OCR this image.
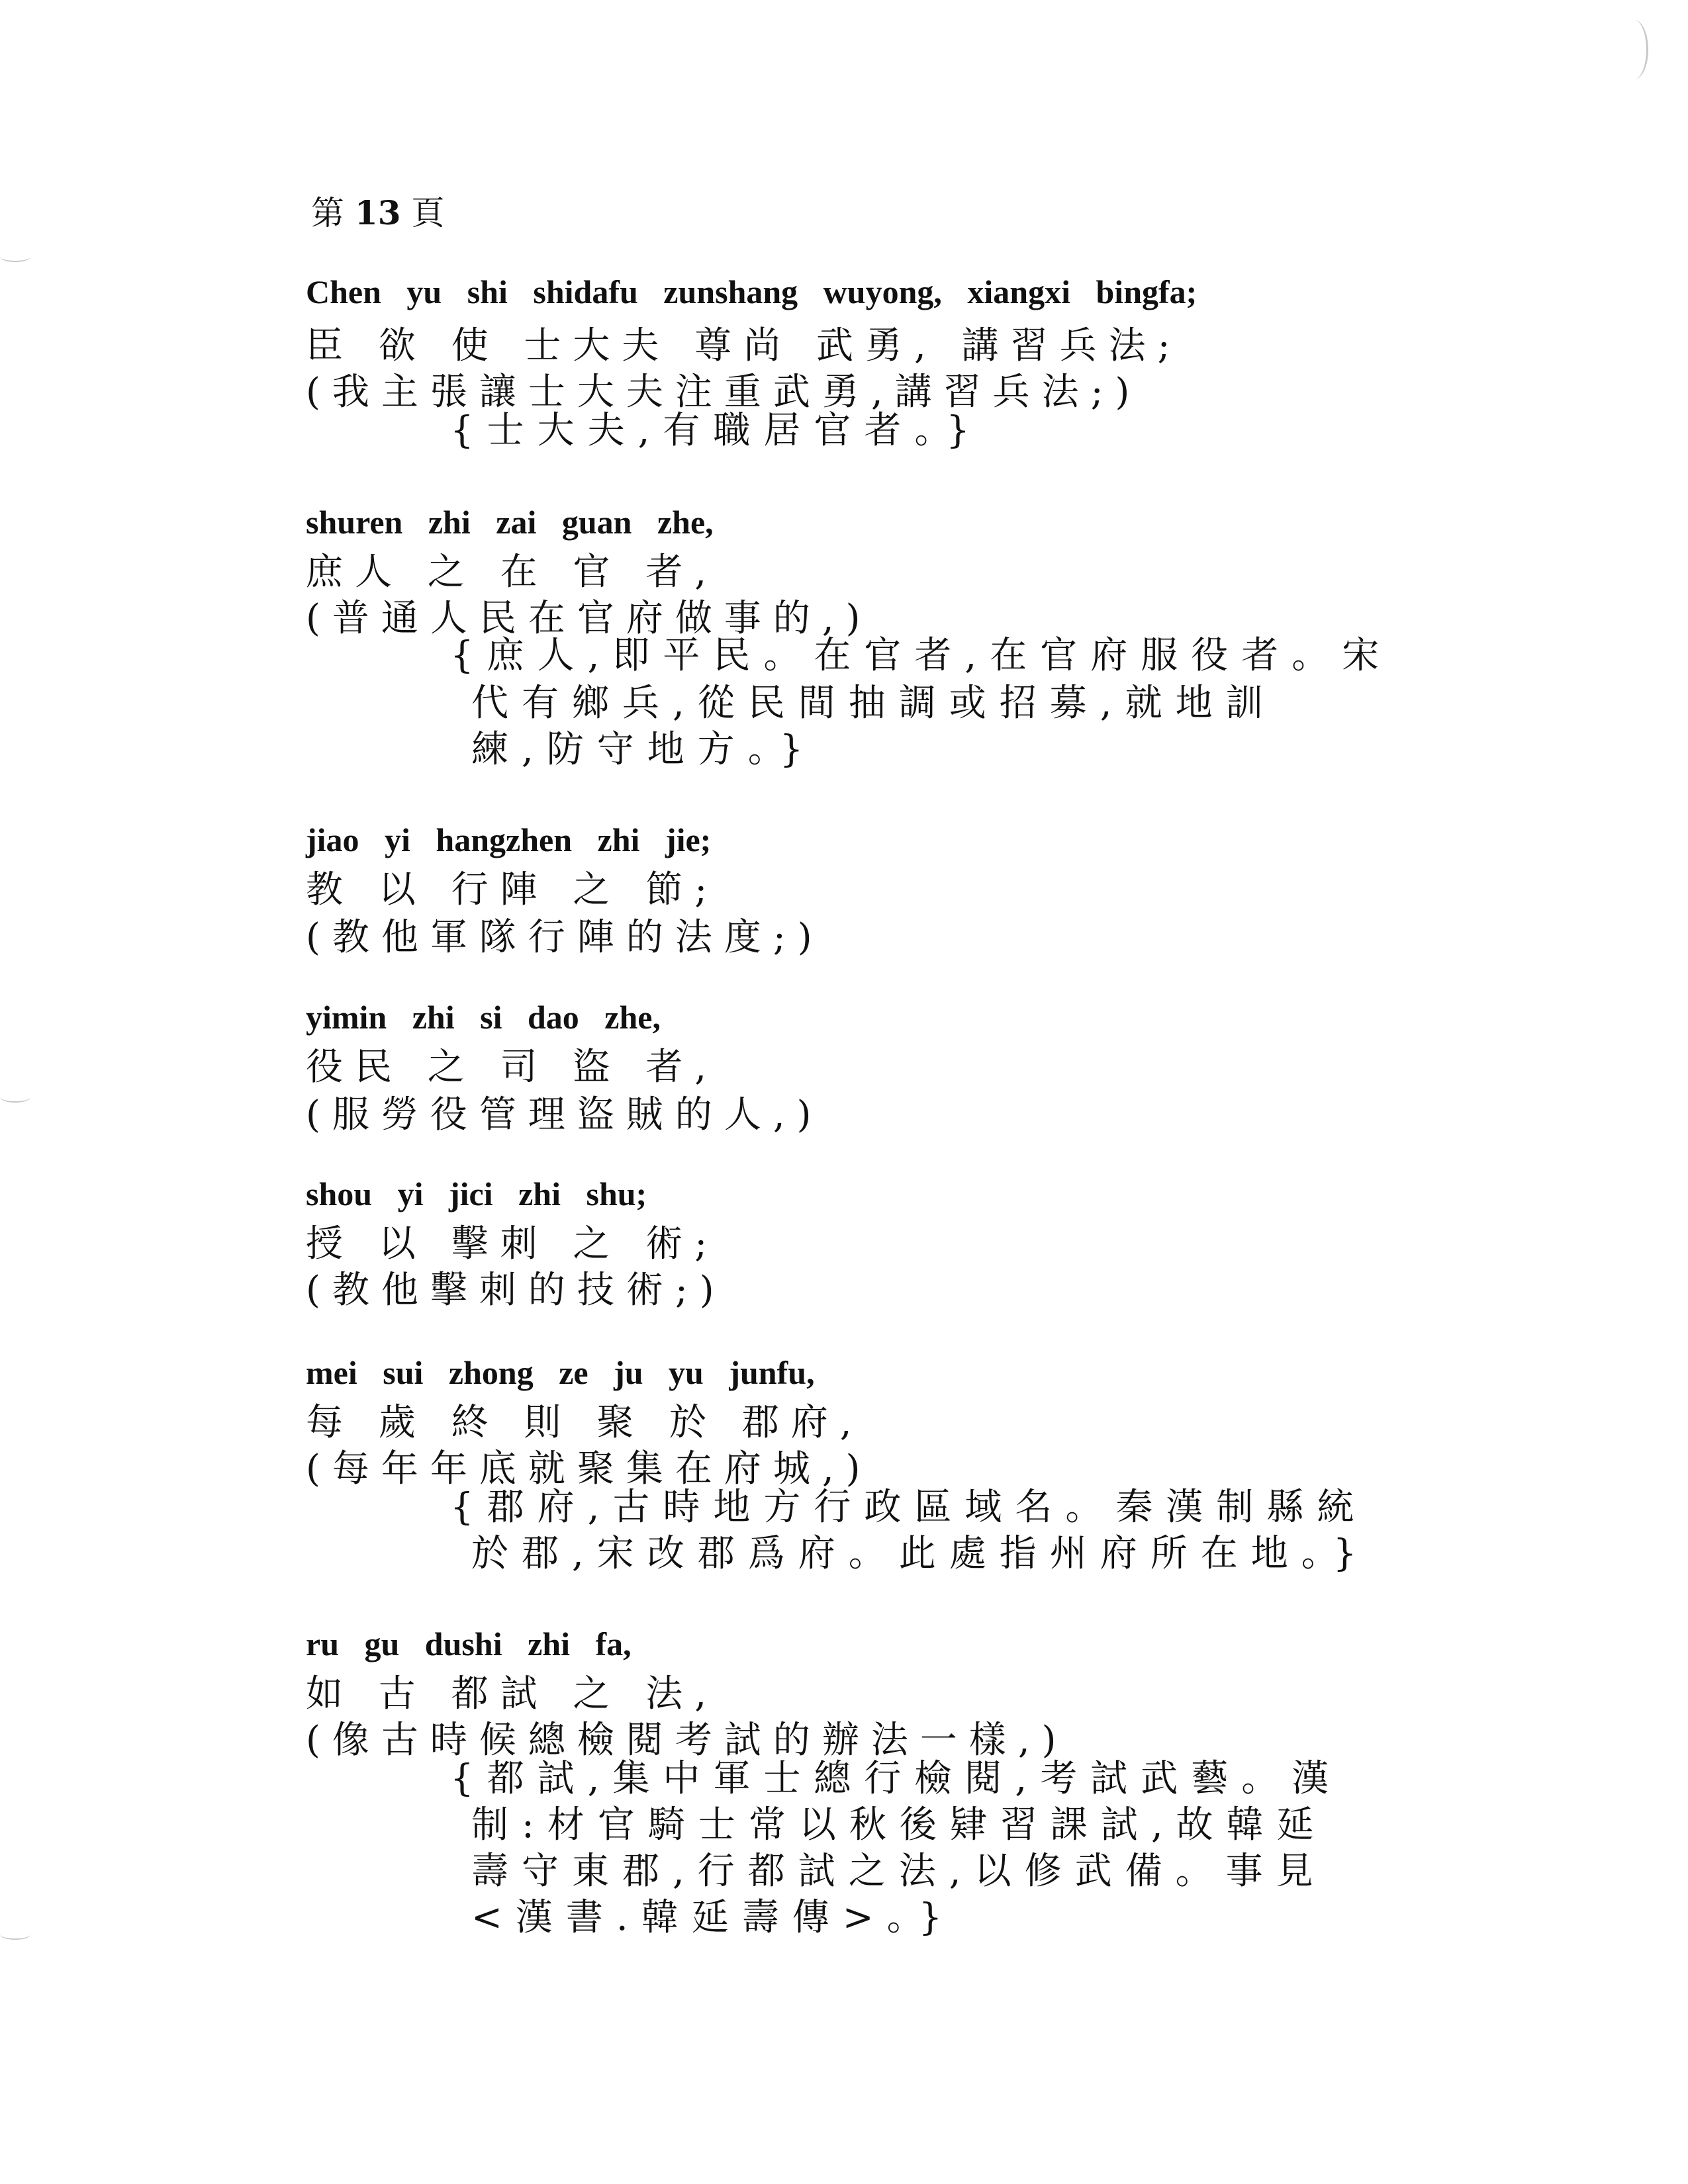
第 13 頁
Chen yu shi shidafu zunshang wuyong, xiangxi bingfa;
臣 欲 使 士大夫 尊尚 武勇, 講習兵法;
(我主張讓士大夫注重武勇,講習兵法;)
{士大夫,有職居官者。}
shuren zhi zai guan zhe,
庶人 之 在 官 者,
(普通人民在官府做事的,)
{庶人,即平民。在官者,在官府服役者。宋
代有鄉兵,從民間抽調或招募,就地訓
練,防守地方。}
jiao yi hangzhen zhi jie;
教 以 行陣 之 節;
(教他軍隊行陣的法度;)
yimin zhi si dao zhe,
役民 之 司 盜 者,
(服勞役管理盜賊的人,)
shou yi jici zhi shu;
授 以 擊刺 之 術;
(教他擊刺的技術;)
mei sui zhong ze ju yu junfu,
每 歲 終 則 聚 於 郡府,
(每年年底就聚集在府城,)
{郡府,古時地方行政區域名。秦漢制縣統
於郡,宋改郡爲府。此處指州府所在地。}
ru gu dushi zhi fa,
如 古 都試 之 法,
(像古時候總檢閱考試的辦法一樣,)
{都試,集中軍士總行檢閱,考試武藝。漢
制:材官騎士常以秋後肄習課試,故韓延
壽守東郡,行都試之法,以修武備。事見
<漢書.韓延壽傳>。}
